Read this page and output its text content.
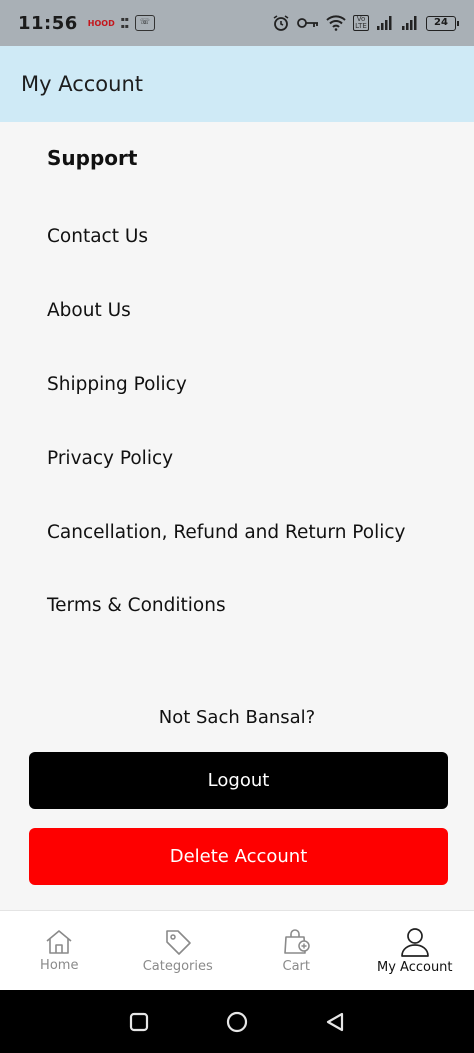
11:56 HOOD ▪▪
▪▪
☏	Vo LTE	24
My Account
Support
Contact Us
About Us
Shipping Policy
Privacy Policy
Cancellation, Refund and Return Policy
Terms & Conditions
Not Sach Bansal?
Logout
Delete Account
Home	Categories	Cart	My Account
